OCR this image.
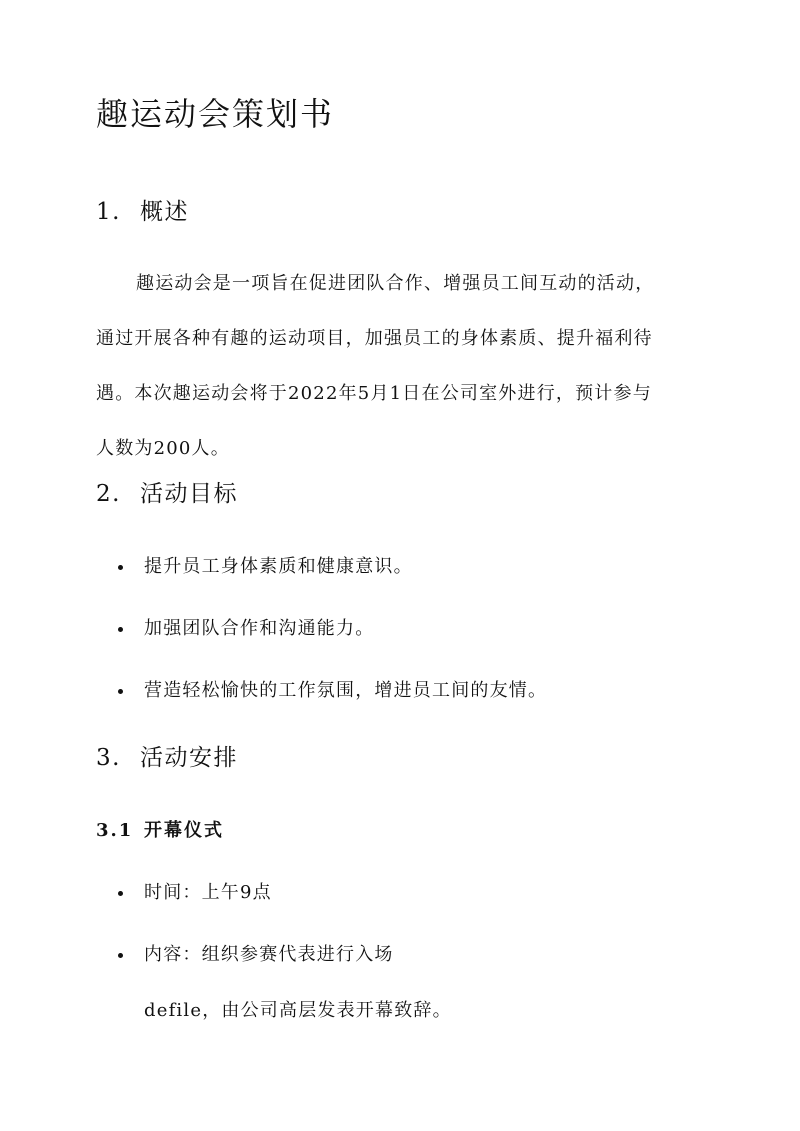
趣运动会策划书
1. 概述

趣运动会是一项旨在促进团队合作、增强员工间互动的活动，

通过开展各种有趣的运动项目，加强员工的身体素质、提升福利待

遇。本次趣运动会将于2022年5月1日在公司室外进行，预计参与

人数为200人。

2. 活动目标
提升员工身体素质和健康意识。
加强团队合作和沟通能力。
营造轻松愉快的工作氛围，增进员工间的友情。
3. 活动安排
3.1 开幕仪式
时间：上午9点
内容：组织参赛代表进行入场
defile，由公司高层发表开幕致辞。
